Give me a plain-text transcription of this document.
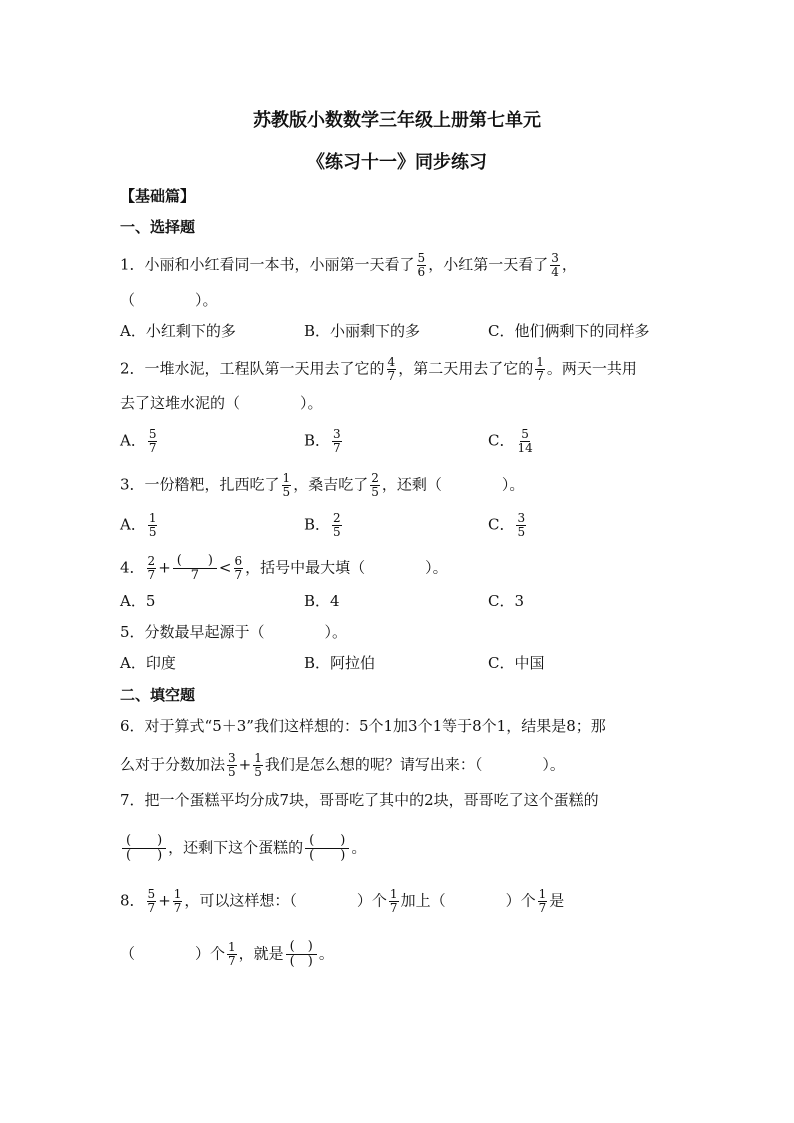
苏教版小数数学三年级上册第七单元
《练习十一》同步练习
【基础篇】
一、选择题
1．小丽和小红看同一本书，小丽第一天看了 $\frac{5}{6}$ ，小红第一天看了 $\frac{3}{4}$ ，
（　　　　）。
A．小红剩下的多	B．小丽剩下的多	C．他们俩剩下的同样多
2．一堆水泥，工程队第一天用去了它的 $\frac{4}{7}$ ，第二天用去了它的 $\frac{1}{7}$ 。两天一共用
去了这堆水泥的（　　　　）。
A． $\frac{5}{7}$	B． $\frac{3}{7}$	C． $\frac{5}{14}$
3．一份糌粑，扎西吃了 $\frac{1}{5}$ ，桑吉吃了 $\frac{2}{5}$ ，还剩（　　　　）。
A． $\frac{1}{5}$	B． $\frac{2}{5}$	C． $\frac{3}{5}$
4． $\frac{2}{7} + \frac{( )}{7} < \frac{6}{7}$ ，括号中最大填（　　　　）。
A．5	B．4	C．3
5．分数最早起源于（　　　　）。
A．印度	B．阿拉伯	C．中国
二、填空题
6．对于算式“5＋3”我们这样想的：5个1加3个1等于8个1，结果是8；那
么对于分数加法 $\frac{3}{5} + \frac{1}{5}$ 我们是怎么想的呢？请写出来：（　　　　）。
7．把一个蛋糕平均分成7块，哥哥吃了其中的2块，哥哥吃了这个蛋糕的
$\frac{( )}{( )}$ ，还剩下这个蛋糕的 $\frac{( )}{( )}$ 。
8． $\frac{5}{7} + \frac{1}{7}$ ，可以这样想：（　　　　）个 $\frac{1}{7}$ 加上（　　　　）个 $\frac{1}{7}$ 是
（　　　　）个 $\frac{1}{7}$ ，就是 $\frac{( )}{( )}$ 。
